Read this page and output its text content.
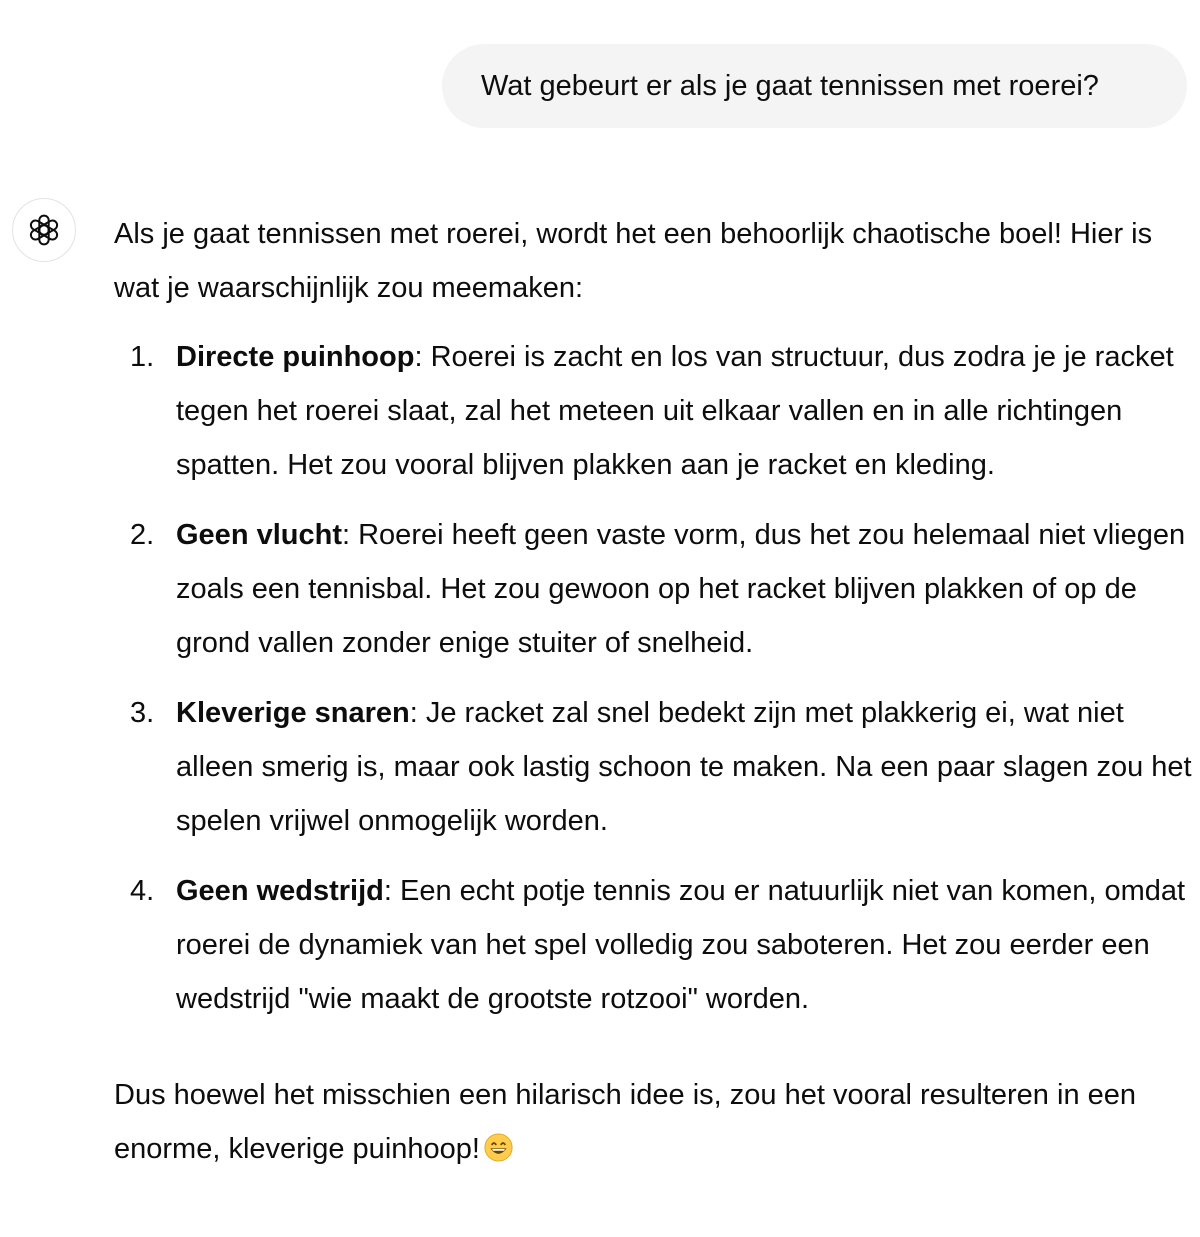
Wat gebeurt er als je gaat tennissen met roerei?

Als je gaat tennissen met roerei, wordt het een behoorlijk chaotische boel! Hier is wat je waarschijnlijk zou meemaken:

1. Directe puinhoop: Roerei is zacht en los van structuur, dus zodra je je racket tegen het roerei slaat, zal het meteen uit elkaar vallen en in alle richtingen spatten. Het zou vooral blijven plakken aan je racket en kleding.
2. Geen vlucht: Roerei heeft geen vaste vorm, dus het zou helemaal niet vliegen zoals een tennisbal. Het zou gewoon op het racket blijven plakken of op de grond vallen zonder enige stuiter of snelheid.
3. Kleverige snaren: Je racket zal snel bedekt zijn met plakkerig ei, wat niet alleen smerig is, maar ook lastig schoon te maken. Na een paar slagen zou het spelen vrijwel onmogelijk worden.
4. Geen wedstrijd: Een echt potje tennis zou er natuurlijk niet van komen, omdat roerei de dynamiek van het spel volledig zou saboteren. Het zou eerder een wedstrijd "wie maakt de grootste rotzooi" worden.

Dus hoewel het misschien een hilarisch idee is, zou het vooral resulteren in een enorme, kleverige puinhoop!
